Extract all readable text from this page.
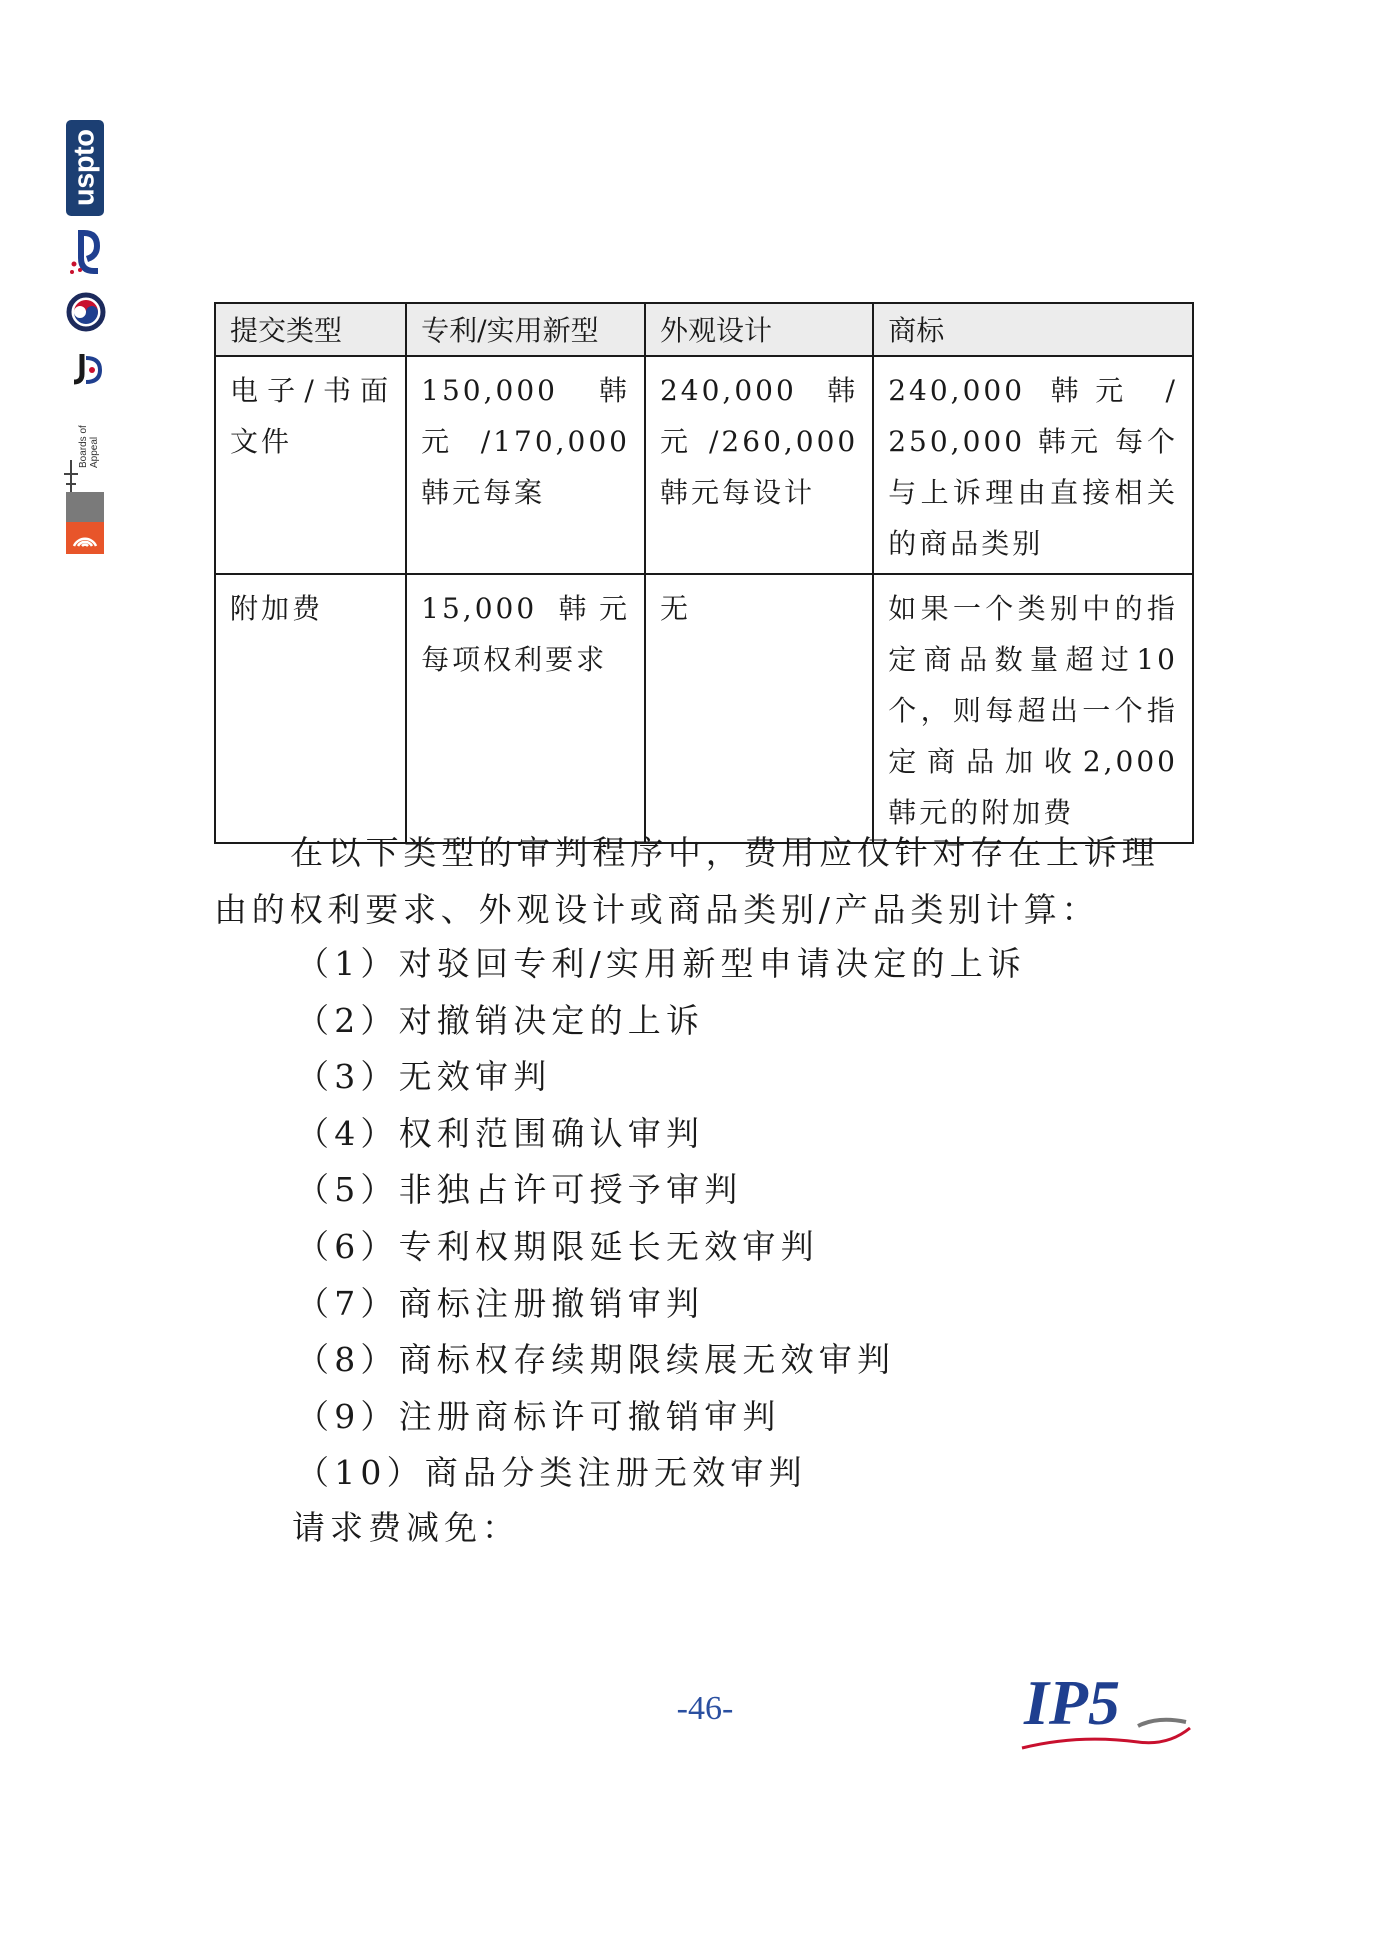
uspto
Boards of Appeal
提交类型	专利/实用新型	外观设计	商标

电子/书面文件	150,000 韩元/170,000 韩元每案	240,000 韩元/260,000 韩元每设计	240,000 韩元 / 250,000 韩元 每个与上诉理由直接相关的商品类别

附加费	15,000 韩元每项权利要求	无	如果一个类别中的指定商品数量超过10 个，则每超出一个指定商品加收2,000 韩元的附加费
在以下类型的审判程序中，费用应仅针对存在上诉理由的权利要求、外观设计或商品类别/产品类别计算：
（1）对驳回专利/实用新型申请决定的上诉
（2）对撤销决定的上诉
（3）无效审判
（4）权利范围确认审判
（5）非独占许可授予审判
（6）专利权期限延长无效审判
（7）商标注册撤销审判
（8）商标权存续期限续展无效审判
（9）注册商标许可撤销审判
（10）商品分类注册无效审判
请求费减免：
-46-	IP5
